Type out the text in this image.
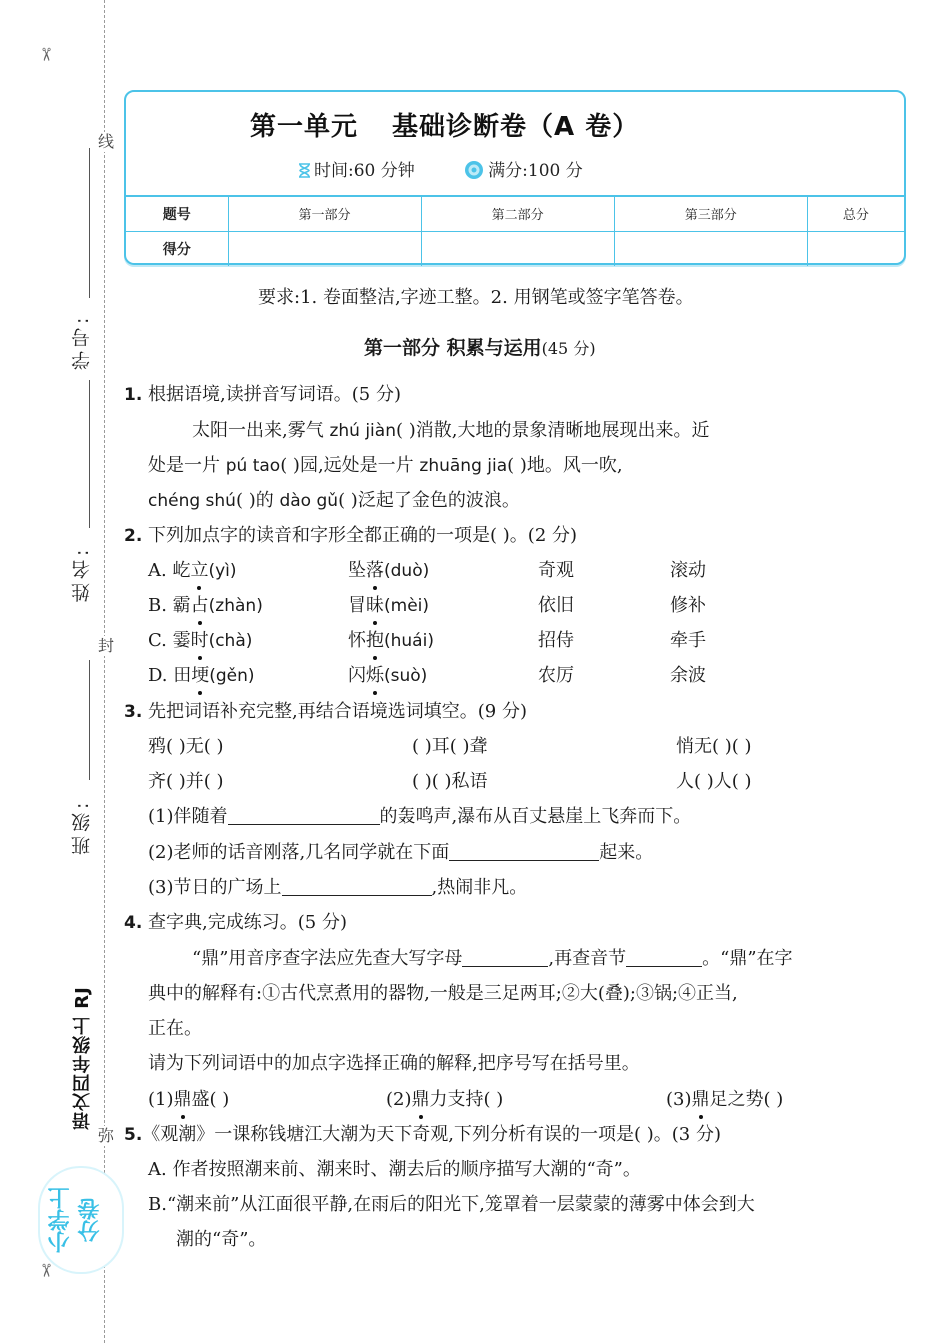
✂
✂
线
封
弥
学号:
姓名:
班级:
语文四年级上 RJ
小学上分卷
第一单元 基础诊断卷（A 卷）
时间:60 分钟	满分:100 分
题号	第一部分	第二部分	第三部分	总分
得分				
要求:1. 卷面整洁,字迹工整。2. 用钢笔或签字笔答卷。
第一部分 积累与运用(45 分)
1. 根据语境,读拼音写词语。(5 分)
太阳一出来,雾气 zhú jiàn( )消散,大地的景象清晰地展现出来。近
处是一片 pú tao( )园,远处是一片 zhuāng jia( )地。风一吹,
chéng shú( )的 dào gǔ( )泛起了金色的波浪。
2. 下列加点字的读音和字形全都正确的一项是( )。(2 分)
A. 屹立(yì)	坠落(duò)	奇观	滚动
B. 霸占(zhàn)	冒昧(mèi)	依旧	修补
C. 霎时(chà)	怀抱(huái)	招侍	牵手
D. 田埂(gěn)	闪烁(suò)	农厉	余波
3. 先把词语补充完整,再结合语境选词填空。(9 分)
鸦( )无( )	( )耳( )聋	悄无( )( )
齐( )并( )	( )( )私语	人( )人( )
(1)伴随着	的轰鸣声,瀑布从百丈悬崖上飞奔而下。
(2)老师的话音刚落,几名同学就在下面	起来。
(3)节日的广场上	,热闹非凡。
4. 查字典,完成练习。(5 分)
“鼎”用音序查字法应先查大写字母	,再查音节	。“鼎”在字
典中的解释有:①古代烹煮用的器物,一般是三足两耳;②大(叠);③锅;④正当,
正在。
请为下列词语中的加点字选择正确的解释,把序号写在括号里。
(1)鼎盛( )	(2)鼎力支持( )	(3)鼎足之势( )
5.《观潮》一课称钱塘江大潮为天下奇观,下列分析有误的一项是( )。(3 分)
A. 作者按照潮来前、潮来时、潮去后的顺序描写大潮的“奇”。
B.“潮来前”从江面很平静,在雨后的阳光下,笼罩着一层蒙蒙的薄雾中体会到大
潮的“奇”。
